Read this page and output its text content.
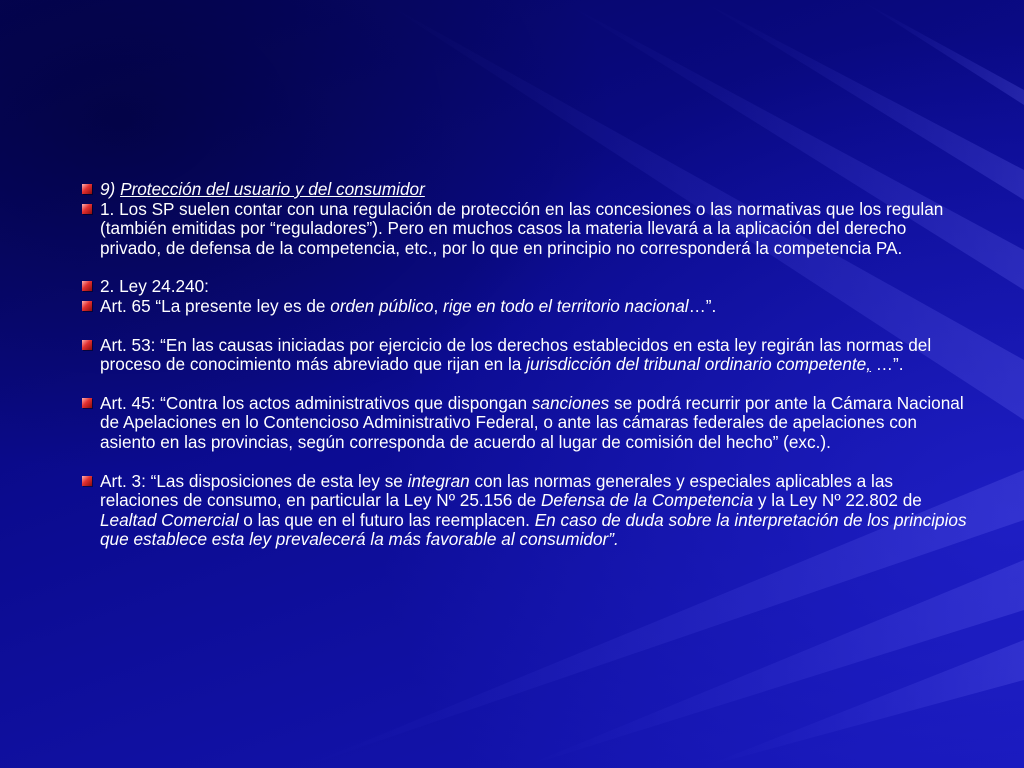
9) Protección del usuario y del consumidor
1. Los SP suelen contar con una regulación de protección en las concesiones o las normativas que los regulan (también emitidas por “reguladores”). Pero en muchos casos la materia llevará a la aplicación del derecho privado, de defensa de la competencia, etc., por lo que en principio no corresponderá la competencia PA.
2. Ley 24.240:
Art. 65 “La presente ley es de orden público, rige en todo el territorio nacional…”.
Art. 53: “En las causas iniciadas por ejercicio de los derechos establecidos en esta ley regirán las normas del proceso de conocimiento más abreviado que rijan en la jurisdicción del tribunal ordinario competente, …”.
Art. 45: “Contra los actos administrativos que dispongan sanciones se podrá recurrir por ante la Cámara Nacional de Apelaciones en lo Contencioso Administrativo Federal, o ante las cámaras federales de apelaciones con asiento en las provincias, según corresponda de acuerdo al lugar de comisión del hecho” (exc.).
Art. 3: “Las disposiciones de esta ley se integran con las normas generales y especiales aplicables a las relaciones de consumo, en particular la Ley Nº 25.156 de Defensa de la Competencia y la Ley Nº 22.802 de Lealtad Comercial o las que en el futuro las reemplacen. En caso de duda sobre la interpretación de los principios que establece esta ley prevalecerá la más favorable al consumidor”.
